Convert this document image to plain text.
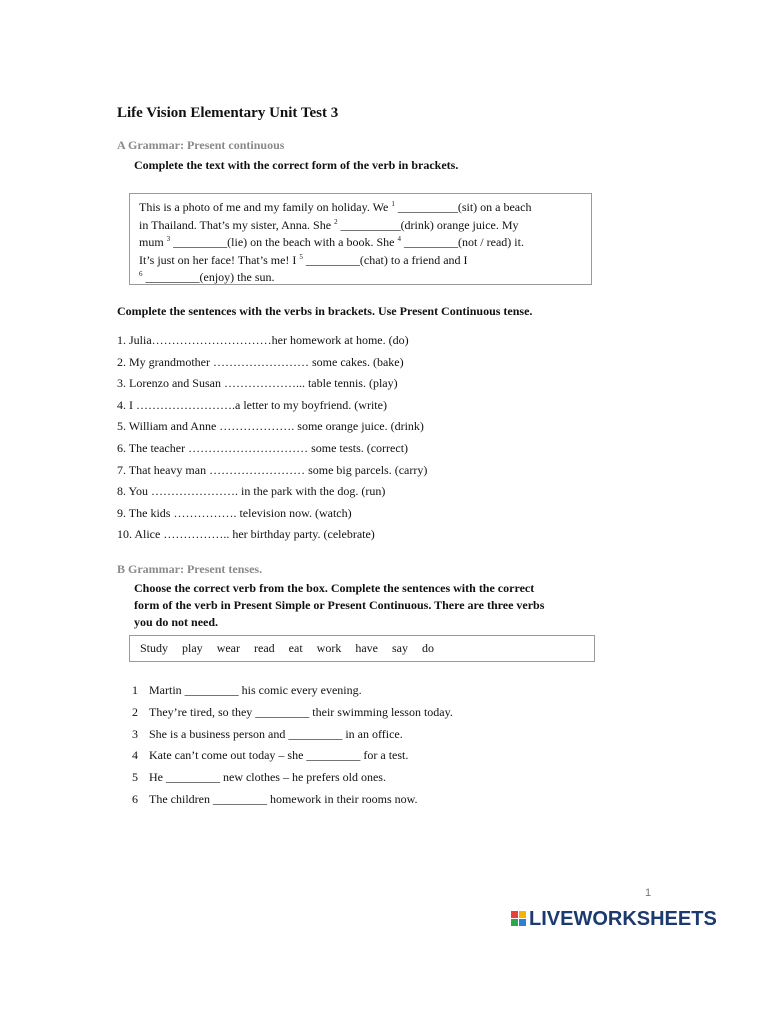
Life Vision Elementary Unit Test 3
A Grammar: Present continuous
Complete the text with the correct form of the verb in brackets.
This is a photo of me and my family on holiday. We $^1$ __________(sit) on a beach
in Thailand. That’s my sister, Anna. She $^2$ __________(drink) orange juice. My
mum $^3$ _________(lie) on the beach with a book. She $^4$ _________(not / read) it.
It’s just on her face! That’s me! I $^5$ _________(chat) to a friend and I
$^6$ _________(enjoy) the sun.
Complete the sentences with the verbs in brackets. Use Present Continuous tense.
1. Julia…………………………her homework at home. (do)
2. My grandmother …………………… some cakes. (bake)
3. Lorenzo and Susan ………………... table tennis. (play)
4. I …………………….a letter to my boyfriend. (write)
5. William and Anne ………………. some orange juice. (drink)
6. The teacher ………………………… some tests. (correct)
7. That heavy man …………………… some big parcels. (carry)
8. You …………………. in the park with the dog. (run)
9. The kids ……………. television now. (watch)
10. Alice …………….. her birthday party. (celebrate)
B Grammar: Present tenses.
Choose the correct verb from the box. Complete the sentences with the correct
form of the verb in Present Simple or Present Continuous. There are three verbs
you do not need.
Study play wear read eat work have say do
1 Martin _________ his comic every evening.
2 They’re tired, so they _________ their swimming lesson today.
3 She is a business person and _________ in an office.
4 Kate can’t come out today – she _________ for a test.
5 He _________ new clothes – he prefers old ones.
6 The children _________ homework in their rooms now.
1
LIVEWORKSHEETS
